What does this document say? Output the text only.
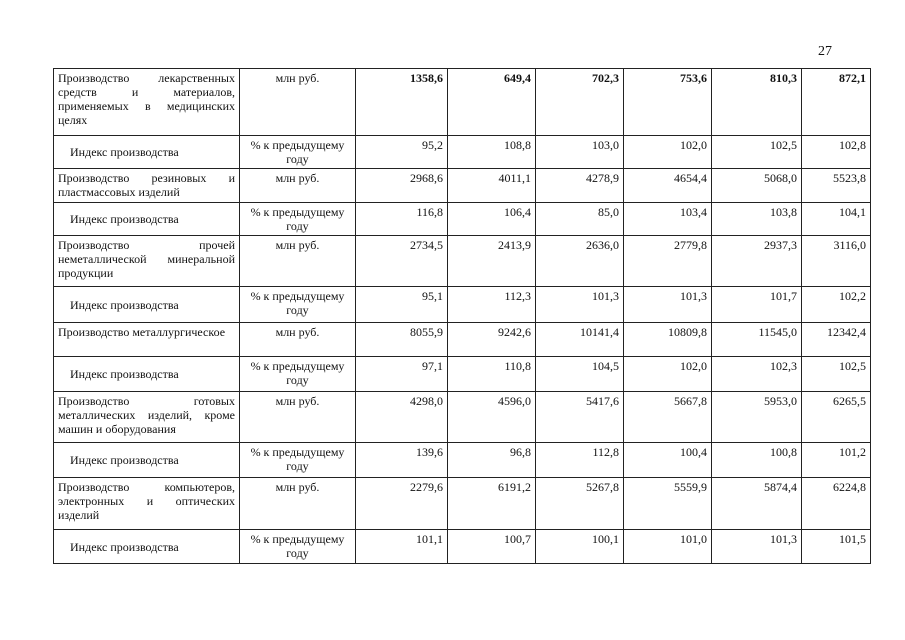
27
Производство лекарственных средств и материалов, применяемых в медицинских целях	млн руб.	1358,6	649,4	702,3	753,6	810,3	872,1
Индекс производства	% к предыдущему году	95,2	108,8	103,0	102,0	102,5	102,8
Производство резиновых и пластмассовых изделий	млн руб.	2968,6	4011,1	4278,9	4654,4	5068,0	5523,8
Индекс производства	% к предыдущему году	116,8	106,4	85,0	103,4	103,8	104,1
Производство прочей неметаллической минеральной продукции	млн руб.	2734,5	2413,9	2636,0	2779,8	2937,3	3116,0
Индекс производства	% к предыдущему году	95,1	112,3	101,3	101,3	101,7	102,2
Производство металлургическое	млн руб.	8055,9	9242,6	10141,4	10809,8	11545,0	12342,4
Индекс производства	% к предыдущему году	97,1	110,8	104,5	102,0	102,3	102,5
Производство готовых металлических изделий, кроме машин и оборудования	млн руб.	4298,0	4596,0	5417,6	5667,8	5953,0	6265,5
Индекс производства	% к предыдущему году	139,6	96,8	112,8	100,4	100,8	101,2
Производство компьютеров, электронных и оптических изделий	млн руб.	2279,6	6191,2	5267,8	5559,9	5874,4	6224,8
Индекс производства	% к предыдущему году	101,1	100,7	100,1	101,0	101,3	101,5
